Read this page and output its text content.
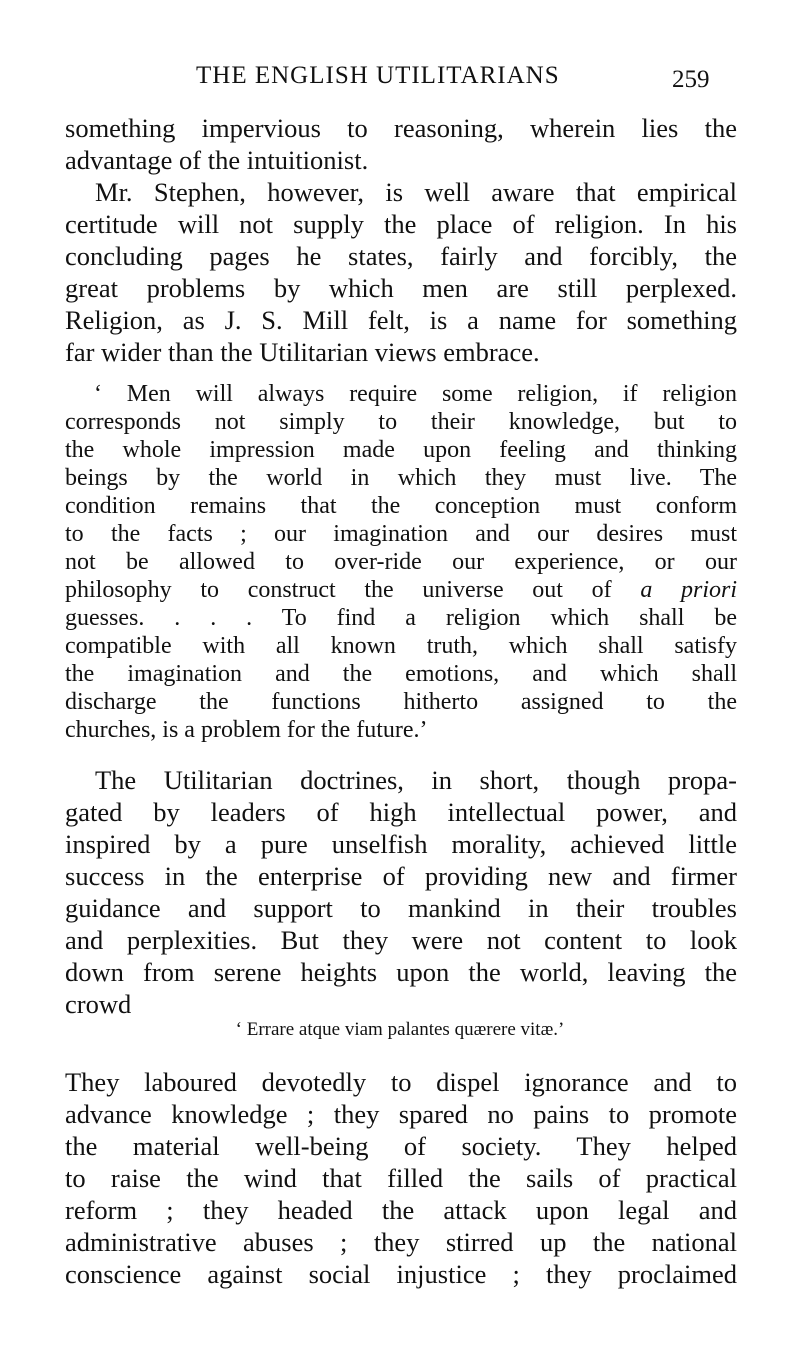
THE ENGLISH UTILITARIANS	259
something impervious to reasoning, wherein lies the
advantage of the intuitionist.
Mr. Stephen, however, is well aware that empirical
certitude will not supply the place of religion. In his
concluding pages he states, fairly and forcibly, the
great problems by which men are still perplexed.
Religion, as J. S. Mill felt, is a name for something
far wider than the Utilitarian views embrace.
‘ Men will always require some religion, if religion
corresponds not simply to their knowledge, but to
the whole impression made upon feeling and thinking
beings by the world in which they must live. The
condition remains that the conception must conform
to the facts ; our imagination and our desires must
not be allowed to over-ride our experience, or our
philosophy to construct the universe out of a priori
guesses. . . . To find a religion which shall be
compatible with all known truth, which shall satisfy
the imagination and the emotions, and which shall
discharge the functions hitherto assigned to the
churches, is a problem for the future.’
The Utilitarian doctrines, in short, though propa-
gated by leaders of high intellectual power, and
inspired by a pure unselfish morality, achieved little
success in the enterprise of providing new and firmer
guidance and support to mankind in their troubles
and perplexities. But they were not content to look
down from serene heights upon the world, leaving the
crowd
‘ Errare atque viam palantes quærere vitæ.’
They laboured devotedly to dispel ignorance and to
advance knowledge ; they spared no pains to promote
the material well-being of society. They helped
to raise the wind that filled the sails of practical
reform ; they headed the attack upon legal and
administrative abuses ; they stirred up the national
conscience against social injustice ; they proclaimed
